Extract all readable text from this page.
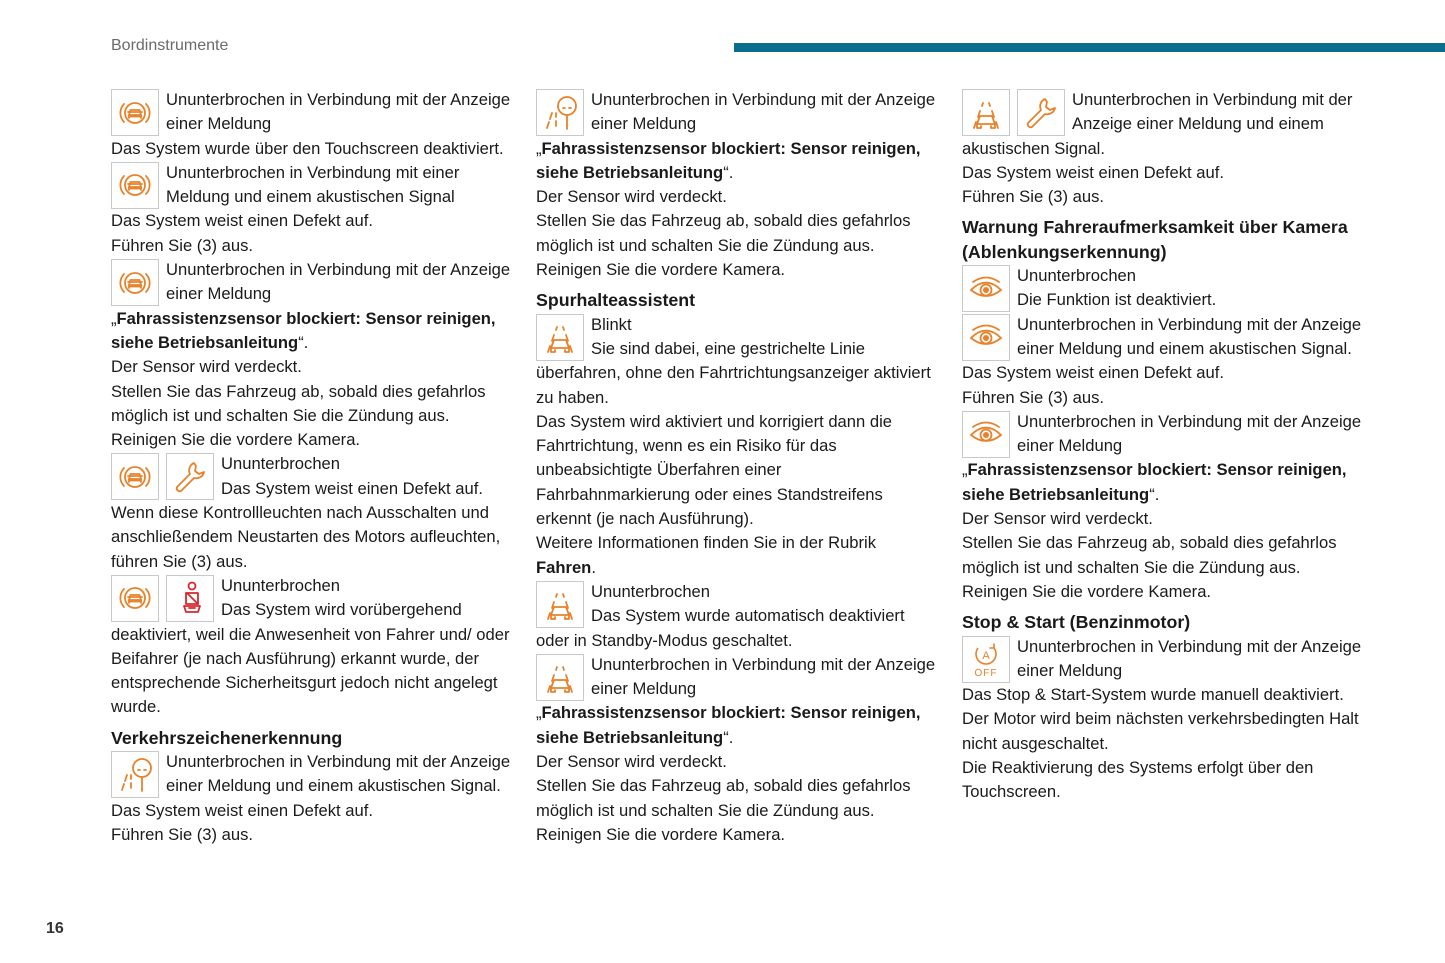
Bordinstrumente

Ununterbrochen in Verbindung mit der Anzeige einer Meldung

Das System wurde über den Touchscreen deaktiviert.

Ununterbrochen in Verbindung mit einer Meldung und einem akustischen Signal

Das System weist einen Defekt auf.

Führen Sie (3) aus.

Ununterbrochen in Verbindung mit der Anzeige einer Meldung

„Fahrassistenzsensor blockiert: Sensor reinigen, siehe Betriebsanleitung“.

Der Sensor wird verdeckt.

Stellen Sie das Fahrzeug ab, sobald dies gefahrlos möglich ist und schalten Sie die Zündung aus.

Reinigen Sie die vordere Kamera.

Ununterbrochen

Das System weist einen Defekt auf.

Wenn diese Kontrollleuchten nach Ausschalten und anschließendem Neustarten des Motors aufleuchten, führen Sie (3) aus.

Ununterbrochen

Das System wird vorübergehend deaktiviert, weil die Anwesenheit von Fahrer und/ oder Beifahrer (je nach Ausführung) erkannt wurde, der entsprechende Sicherheitsgurt jedoch nicht angelegt wurde.

Verkehrszeichenerkennung

Ununterbrochen in Verbindung mit der Anzeige einer Meldung und einem akustischen Signal.

Das System weist einen Defekt auf.

Führen Sie (3) aus.

Ununterbrochen in Verbindung mit der Anzeige einer Meldung

„Fahrassistenzsensor blockiert: Sensor reinigen, siehe Betriebsanleitung“.

Der Sensor wird verdeckt.

Stellen Sie das Fahrzeug ab, sobald dies gefahrlos möglich ist und schalten Sie die Zündung aus.

Reinigen Sie die vordere Kamera.

Spurhalteassistent

Blinkt

Sie sind dabei, eine gestrichelte Linie überfahren, ohne den Fahrtrichtungsanzeiger aktiviert zu haben.

Das System wird aktiviert und korrigiert dann die Fahrtrichtung, wenn es ein Risiko für das unbeabsichtigte Überfahren einer Fahrbahnmarkierung oder eines Standstreifens erkennt (je nach Ausführung).

Weitere Informationen finden Sie in der Rubrik Fahren.

Ununterbrochen

Das System wurde automatisch deaktiviert oder in Standby-Modus geschaltet.

Ununterbrochen in Verbindung mit der Anzeige einer Meldung

„Fahrassistenzsensor blockiert: Sensor reinigen, siehe Betriebsanleitung“.

Der Sensor wird verdeckt.

Stellen Sie das Fahrzeug ab, sobald dies gefahrlos möglich ist und schalten Sie die Zündung aus.

Reinigen Sie die vordere Kamera.

Ununterbrochen in Verbindung mit der Anzeige einer Meldung und einem akustischen Signal.

Das System weist einen Defekt auf.

Führen Sie (3) aus.

Warnung Fahreraufmerksamkeit über Kamera (Ablenkungserkennung)

Ununterbrochen

Die Funktion ist deaktiviert.

Ununterbrochen in Verbindung mit der Anzeige einer Meldung und einem akustischen Signal.

Das System weist einen Defekt auf.

Führen Sie (3) aus.

Ununterbrochen in Verbindung mit der Anzeige einer Meldung

„Fahrassistenzsensor blockiert: Sensor reinigen, siehe Betriebsanleitung“.

Der Sensor wird verdeckt.

Stellen Sie das Fahrzeug ab, sobald dies gefahrlos möglich ist und schalten Sie die Zündung aus.

Reinigen Sie die vordere Kamera.

Stop & Start (Benzinmotor)
A
OFF

Ununterbrochen in Verbindung mit der Anzeige einer Meldung

Das Stop & Start-System wurde manuell deaktiviert.

Der Motor wird beim nächsten verkehrsbedingten Halt nicht ausgeschaltet.

Die Reaktivierung des Systems erfolgt über den Touchscreen.

16
